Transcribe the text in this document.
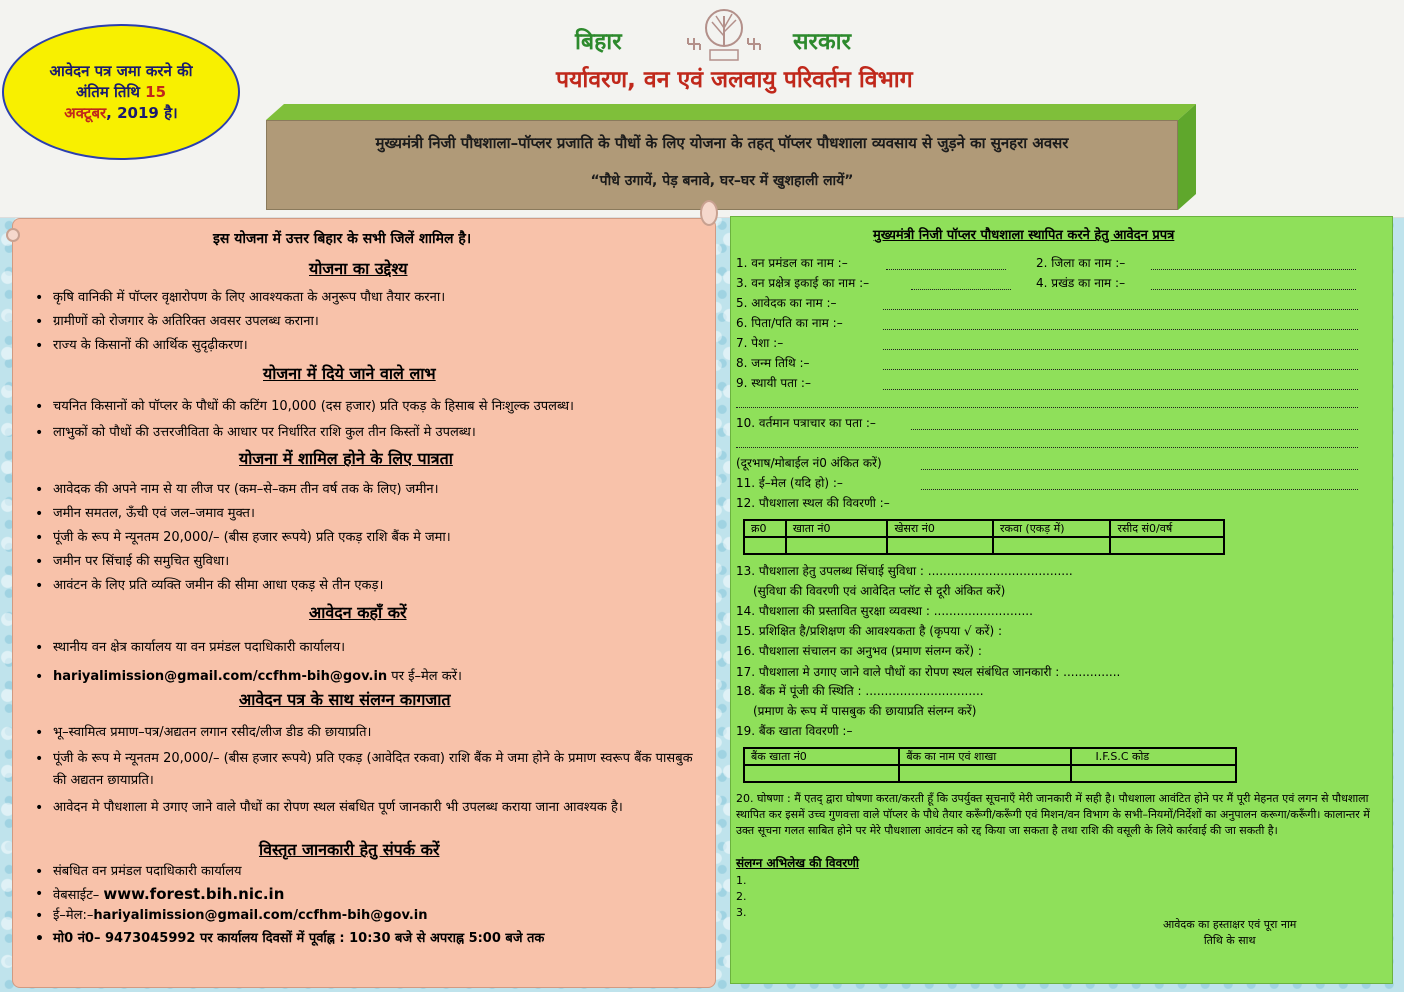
बिहार	सरकार
पर्यावरण, वन एवं जलवायु परिवर्तन विभाग

आवेदन पत्र जमा करने की अंतिम तिथि 15
अक्टूबर, 2019 है।

मुख्यमंत्री निजी पौधशाला–पॉप्लर प्रजाति के पौधों के लिए योजना के तहत् पॉप्लर पौधशाला व्यवसाय से जुड़ने का सुनहरा अवसर
“पौधे उगायें, पेड़ बनावे, घर–घर में खुशहाली लायें”
इस योजना में उत्तर बिहार के सभी जिलें शामिल है।
योजना का उद्देश्य
• कृषि वानिकी में पॉप्लर वृक्षारोपण के लिए आवश्यकता के अनुरूप पौधा तैयार करना।
• ग्रामीणों को रोजगार के अतिरिक्त अवसर उपलब्ध कराना।
• राज्य के किसानों की आर्थिक सुदृढ़ीकरण।
योजना में दिये जाने वाले लाभ
• चयनित किसानों को पॉप्लर के पौधों की कटिंग 10,000 (दस हजार) प्रति एकड़ के हिसाब से निःशुल्क उपलब्ध।
• लाभुकों को पौधों की उत्तरजीविता के आधार पर निर्धारित राशि कुल तीन किस्तों मे उपलब्ध।
योजना में शामिल होने के लिए पात्रता
• आवेदक की अपने नाम से या लीज पर (कम–से–कम तीन वर्ष तक के लिए) जमीन।
• जमीन समतल, ऊँची एवं जल–जमाव मुक्त।
• पूंजी के रूप मे न्यूनतम 20,000/– (बीस हजार रूपये) प्रति एकड़ राशि बैंक मे जमा।
• जमीन पर सिंचाई की समुचित सुविधा।
• आवंटन के लिए प्रति व्यक्ति जमीन की सीमा आधा एकड़ से तीन एकड़।
आवेदन कहाँ करें
• स्थानीय वन क्षेत्र कार्यालय या वन प्रमंडल पदाधिकारी कार्यालय।
• hariyalimission@gmail.com/ccfhm-bih@gov.in पर ई–मेल करें।
आवेदन पत्र के साथ संलग्न कागजात
• भू–स्वामित्व प्रमाण–पत्र/अद्यतन लगान रसीद/लीज डीड की छायाप्रति।
• पूंजी के रूप मे न्यूनतम 20,000/– (बीस हजार रूपये) प्रति एकड़ (आवेदित रकवा) राशि बैंक मे जमा होने के प्रमाण स्वरूप बैंक पासबुक की अद्यतन छायाप्रति।
• आवेदन मे पौधशाला मे उगाए जाने वाले पौधों का रोपण स्थल संबधित पूर्ण जानकारी भी उपलब्ध कराया जाना आवश्यक है।
विस्तृत जानकारी हेतु संपर्क करें
• संबधित वन प्रमंडल पदाधिकारी कार्यालय
• वेबसाईट– www.forest.bih.nic.in
• ई–मेल:–hariyalimission@gmail.com/ccfhm-bih@gov.in
• मो0 नं0– 9473045992 पर कार्यालय दिवसों में पूर्वाह्न : 10:30 बजे से अपराह्न 5:00 बजे तक
मुख्यमंत्री निजी पॉप्लर पौधशाला स्थापित करने हेतु आवेदन प्रपत्र
1. वन प्रमंडल का नाम :–	2. जिला का नाम :–
3. वन प्रक्षेत्र इकाई का नाम :–	4. प्रखंड का नाम :–
5. आवेदक का नाम :–
6. पिता/पति का नाम :–
7. पेशा :–
8. जन्म तिथि :–
9. स्थायी पता :–
10. वर्तमान पत्राचार का पता :–
(दूरभाष/मोबाईल नं0 अंकित करें)
11. ई–मेल (यदि हो) :–
12. पौधशाला स्थल की विवरणी :–
क्र0	खाता नं0	खेसरा नं0	रकवा (एकड़ में)	रसीद सं0/वर्ष

13. पौधशाला हेतु उपलब्ध सिंचाई सुविधा : ......................................
(सुविधा की विवरणी एवं आवेदित प्लॉट से दूरी अंकित करें)
14. पौधशाला की प्रस्तावित सुरक्षा व्यवस्था : ..........................
15. प्रशिक्षित है/प्रशिक्षण की आवश्यकता है (कृपया √ करें) :
16. पौधशाला संचालन का अनुभव (प्रमाण संलग्न करें) :
17. पौधशाला मे उगाए जाने वाले पौधों का रोपण स्थल संबंधित जानकारी : ...............
18. बैंक में पूंजी की स्थिति : ...............................
(प्रमाण के रूप में पासबुक की छायाप्रति संलग्न करें)
19. बैंक खाता विवरणी :–
बैंक खाता नं0	बैंक का नाम एवं शाखा	I.F.S.C कोड

20. घोषणा : मैं एतद् द्वारा घोषणा करता/करती हूँ कि उपर्युक्त सूचनाएँ मेरी जानकारी में सही है। पौधशाला आवंटित होने पर मैं पूरी मेहनत एवं लगन से पौधशाला स्थापित कर इसमें उच्च गुणवत्ता वाले पॉप्लर के पौधे तैयार करूँगी/करूँगी एवं मिशन/वन विभाग के सभी–नियमों/निर्देशों का अनुपालन करूगा/करूँगी। कालान्तर में उक्त सूचना गलत साबित होने पर मेरे पौधशाला आवंटन को रद्द किया जा सकता है तथा राशि की वसूली के लिये कार्रवाई की जा सकती है।
संलग्न अभिलेख की विवरणी
1.
2.
3.
आवेदक का हस्ताक्षर एवं पूरा नाम
तिथि के साथ
